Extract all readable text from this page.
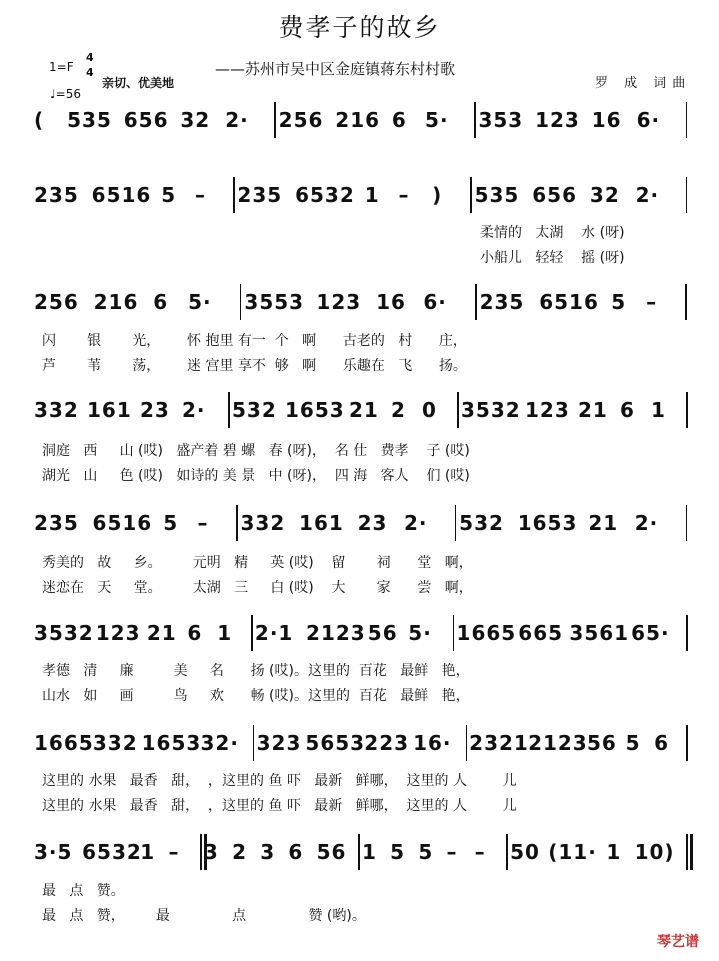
费孝子的故乡
——苏州市吴中区金庭镇蒋东村村歌
罗 成 词曲
1=F
4
4
亲切、优美地
♩=56
( 535 656 32 2· 256 216 6 5· 353 123 16 6·
235 6516 5 – 235 6532 1 – ) 535 656 32 2·
256 216 6 5· 3553 123 16 6· 235 6516 5 –
332 161 23 2· 532 1653 21 2 0 3532 123 21 6 1
235 6516 5 – 332 161 23 2· 532 1653 21 2·
3532 123 21 6 1 2·1 2123 56 5· 1665 665 3561 65·
1665 332 1653 32· 323 5653 223 16· 2321 2123 56 5 6
3·5 6532
1 – 3 2 3 6 56 1 5 5 – – 50 (11· 1 10)
柔情的   太湖    水 (呀)
小船儿   轻轻    摇 (呀)
闪       银       光，      怀 抱里 有一  个   啊      古老的   村      庄，
芦       苇       荡，      迷 宫里 享不  够   啊      乐趣在   飞      扬。
洞庭   西     山 (哎)   盛产着 碧 螺   春 (呀)，  名 仕   费孝    子 (哎)
湖光   山     色 (哎)   如诗的 美 景   中 (呀)，  四 海   客人    们 (哎)
秀美的   故     乡。       元明   精     英 (哎)    留       祠      堂   啊，
迷恋在   天     堂。       太湖   三     白 (哎)    大       家      尝   啊，
孝德   清     廉         美     名      扬 (哎)。这里的  百花   最鲜   艳，
山水   如     画         鸟     欢      畅 (哎)。这里的  百花   最鲜   艳，
这里的 水果   最香   甜，  ，这里的 鱼 吓   最新   鲜哪，  这里的 人        儿
这里的 水果   最香   甜，  ，这里的 鱼 吓   最新   鲜哪，  这里的 人        儿
最   点   赞。
最   点   赞，       最              点              赞 (哟)。
琴艺谱
